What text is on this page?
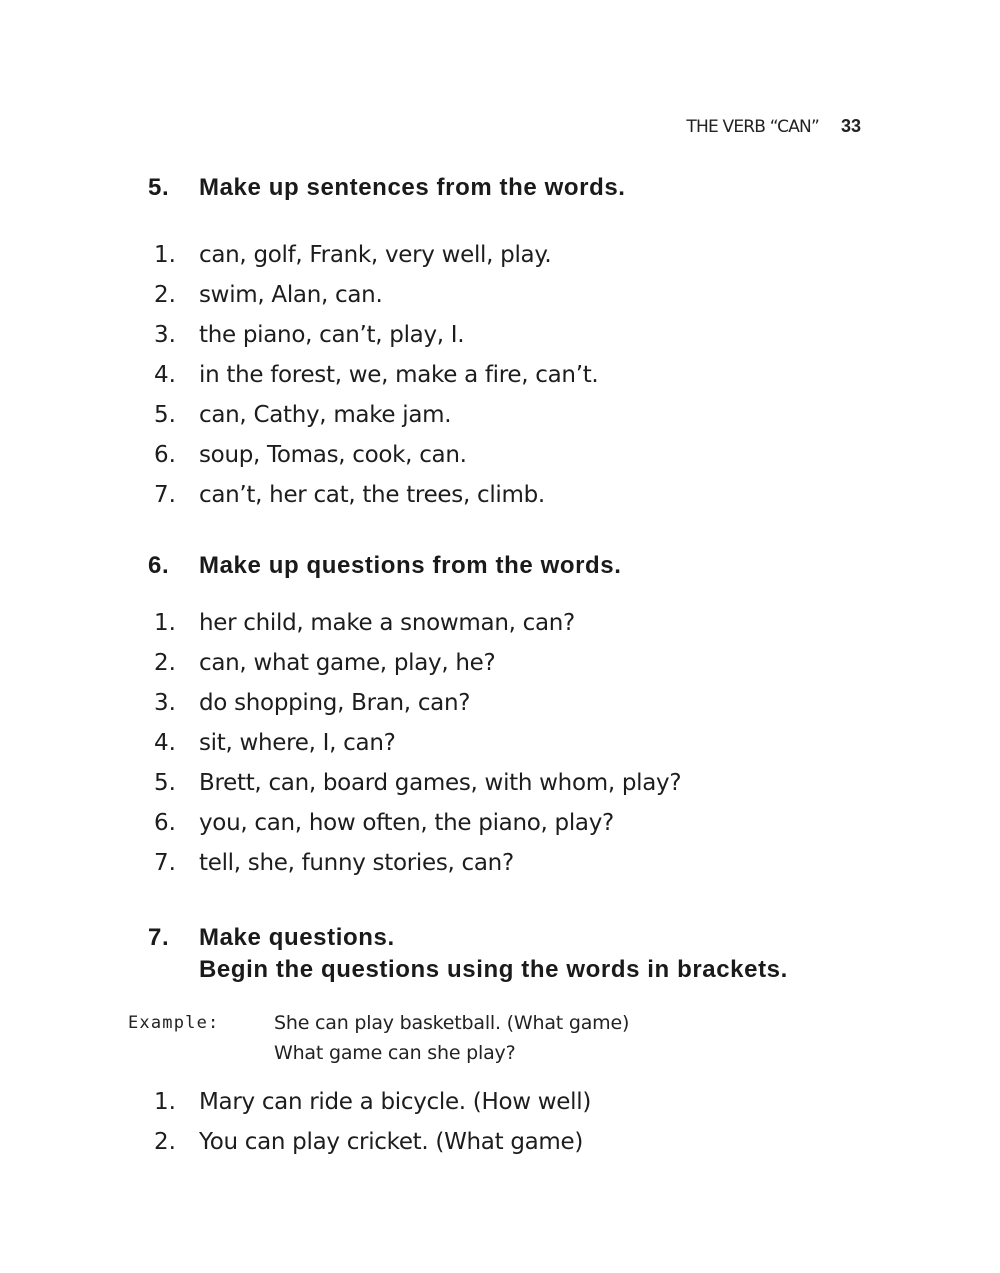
THE VERB “CAN” 33
5.	Make up sentences from the words.
1.	can, golf, Frank, very well, play.
2.	swim, Alan, can.
3.	the piano, can’t, play, I.
4.	in the forest, we, make a fire, can’t.
5.	can, Cathy, make jam.
6.	soup, Tomas, cook, can.
7.	can’t, her cat, the trees, climb.
6.	Make up questions from the words.
1.	her child, make a snowman, can?
2.	can, what game, play, he?
3.	do shopping, Bran, can?
4.	sit, where, I, can?
5.	Brett, can, board games, with whom, play?
6.	you, can, how often, the piano, play?
7.	tell, she, funny stories, can?
7.	Make questions.
Begin the questions using the words in brackets.
1.	Mary can ride a bicycle. (How well)
2.	You can play cricket. (What game)
Example:	She can play basketball. (What game)
What game can she play?
